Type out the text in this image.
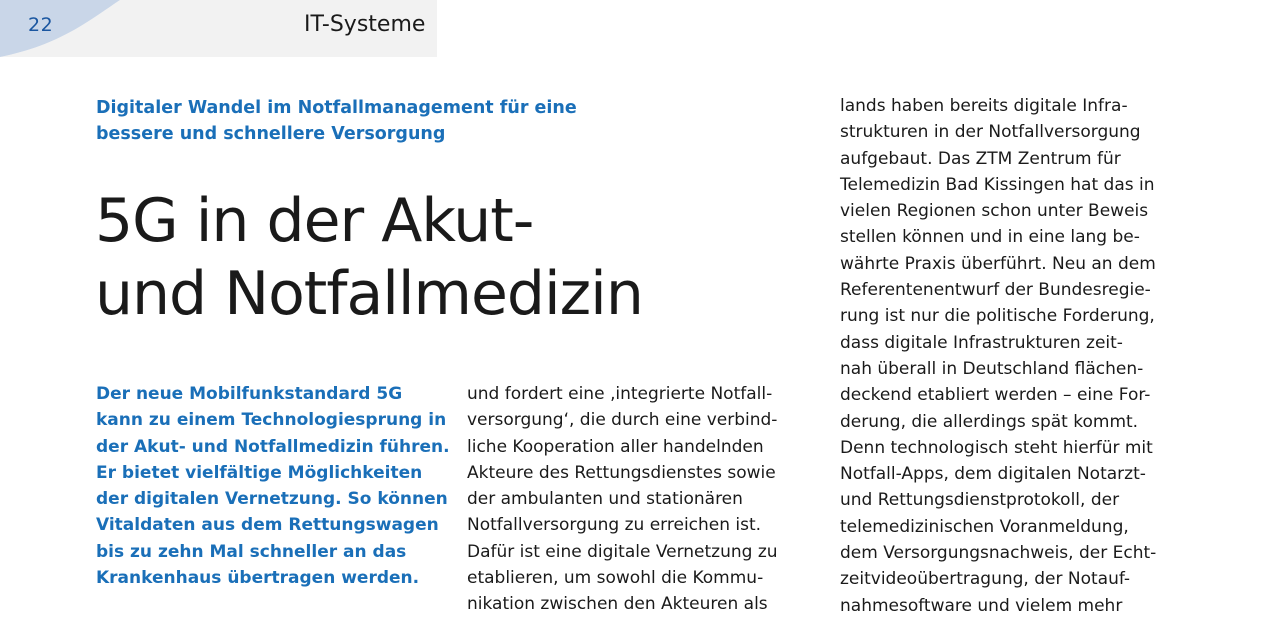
22	IT-Systeme
Digitaler Wandel im Notfallmanagement für eine
bessere und schnellere Versorgung
5G in der Akut-
und Notfallmedizin
Der neue Mobilfunkstandard 5G
kann zu einem Technologiesprung in
der Akut- und Notfallmedizin führen.
Er bietet vielfältige Möglichkeiten
der digitalen Vernetzung. So können
Vitaldaten aus dem Rettungswagen
bis zu zehn Mal schneller an das
Krankenhaus übertragen werden.
und fordert eine ‚integrierte Notfall-
versorgung‘, die durch eine verbind-
liche Kooperation aller handelnden
Akteure des Rettungsdienstes sowie
der ambulanten und stationären
Notfallversorgung zu erreichen ist.
Dafür ist eine digitale Vernetzung zu
etablieren, um sowohl die Kommu-
nikation zwischen den Akteuren als
lands haben bereits digitale Infra-
strukturen in der Notfallversorgung
aufgebaut. Das ZTM Zentrum für
Telemedizin Bad Kissingen hat das in
vielen Regionen schon unter Beweis
stellen können und in eine lang be-
währte Praxis überführt. Neu an dem
Referentenentwurf der Bundesregie-
rung ist nur die politische Forderung,
dass digitale Infrastrukturen zeit-
nah überall in Deutschland flächen-
deckend etabliert werden – eine For-
derung, die allerdings spät kommt.
Denn technologisch steht hierfür mit
Notfall-Apps, dem digitalen Notarzt-
und Rettungsdienstprotokoll, der
telemedizinischen Voranmeldung,
dem Versorgungsnachweis, der Echt-
zeitvideoübertragung, der Notauf-
nahmesoftware und vielem mehr
